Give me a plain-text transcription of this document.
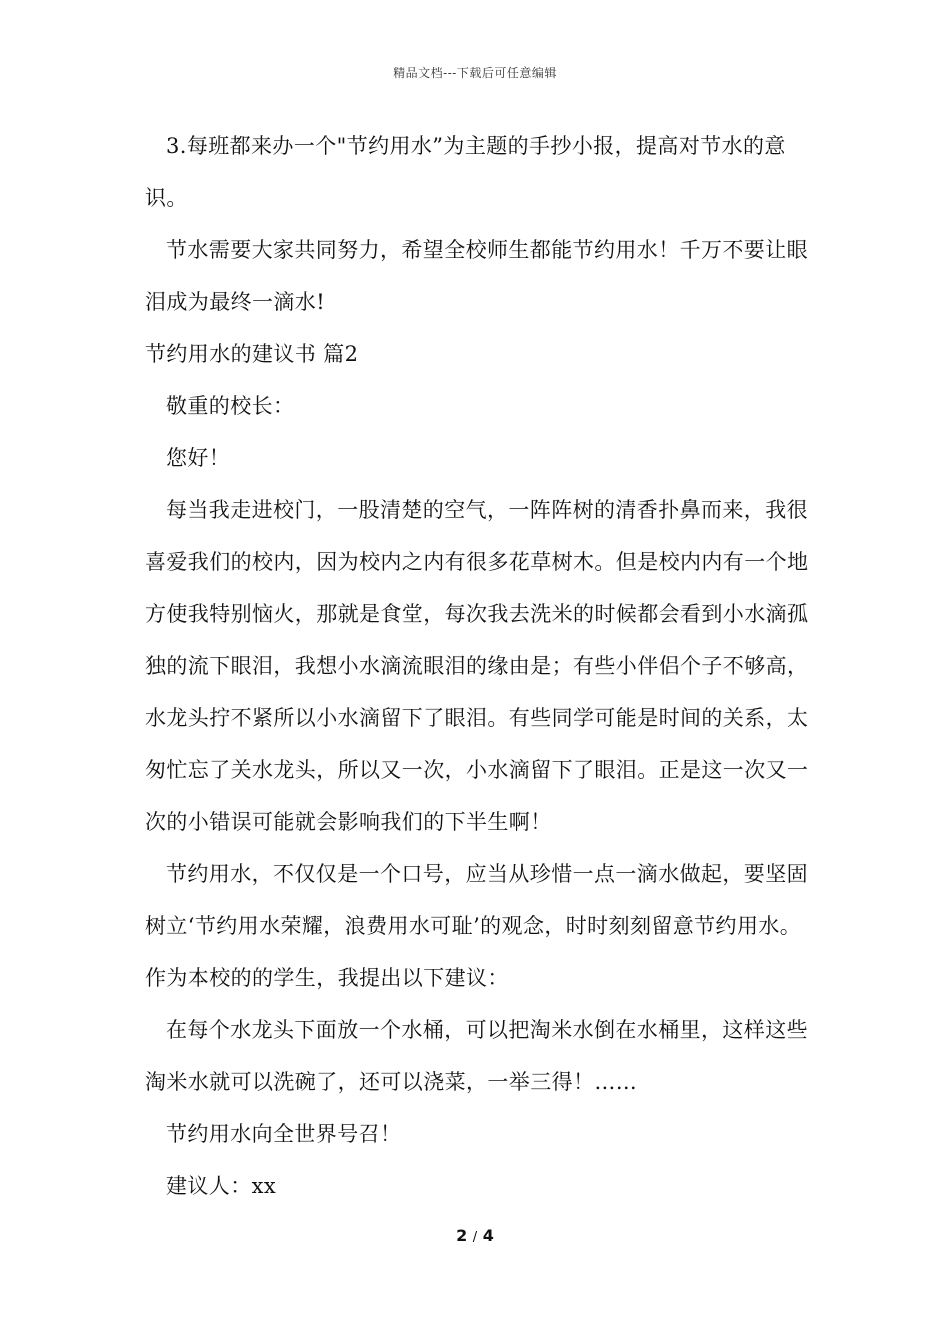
精品文档---下载后可任意编辑

3.每班都来办一个"节约用水”为主题的手抄小报，提高对节水的意识。

节水需要大家共同努力，希望全校师生都能节约用水！千万不要让眼泪成为最终一滴水!

节约用水的建议书 篇2

敬重的校长：

您好！

每当我走进校门，一股清楚的空气，一阵阵树的清香扑鼻而来，我很喜爱我们的校内，因为校内之内有很多花草树木。但是校内内有一个地方使我特别恼火，那就是食堂，每次我去洗米的时候都会看到小水滴孤独的流下眼泪，我想小水滴流眼泪的缘由是；有些小伴侣个子不够高，水龙头拧不紧所以小水滴留下了眼泪。有些同学可能是时间的关系，太匆忙忘了关水龙头，所以又一次，小水滴留下了眼泪。正是这一次又一次的小错误可能就会影响我们的下半生啊！

节约用水，不仅仅是一个口号，应当从珍惜一点一滴水做起，要坚固树立‘节约用水荣耀，浪费用水可耻’的观念，时时刻刻留意节约用水。作为本校的的学生，我提出以下建议：

在每个水龙头下面放一个水桶，可以把淘米水倒在水桶里，这样这些淘米水就可以洗碗了，还可以浇菜，一举三得！……

节约用水向全世界号召！

建议人：xx

2 / 4
